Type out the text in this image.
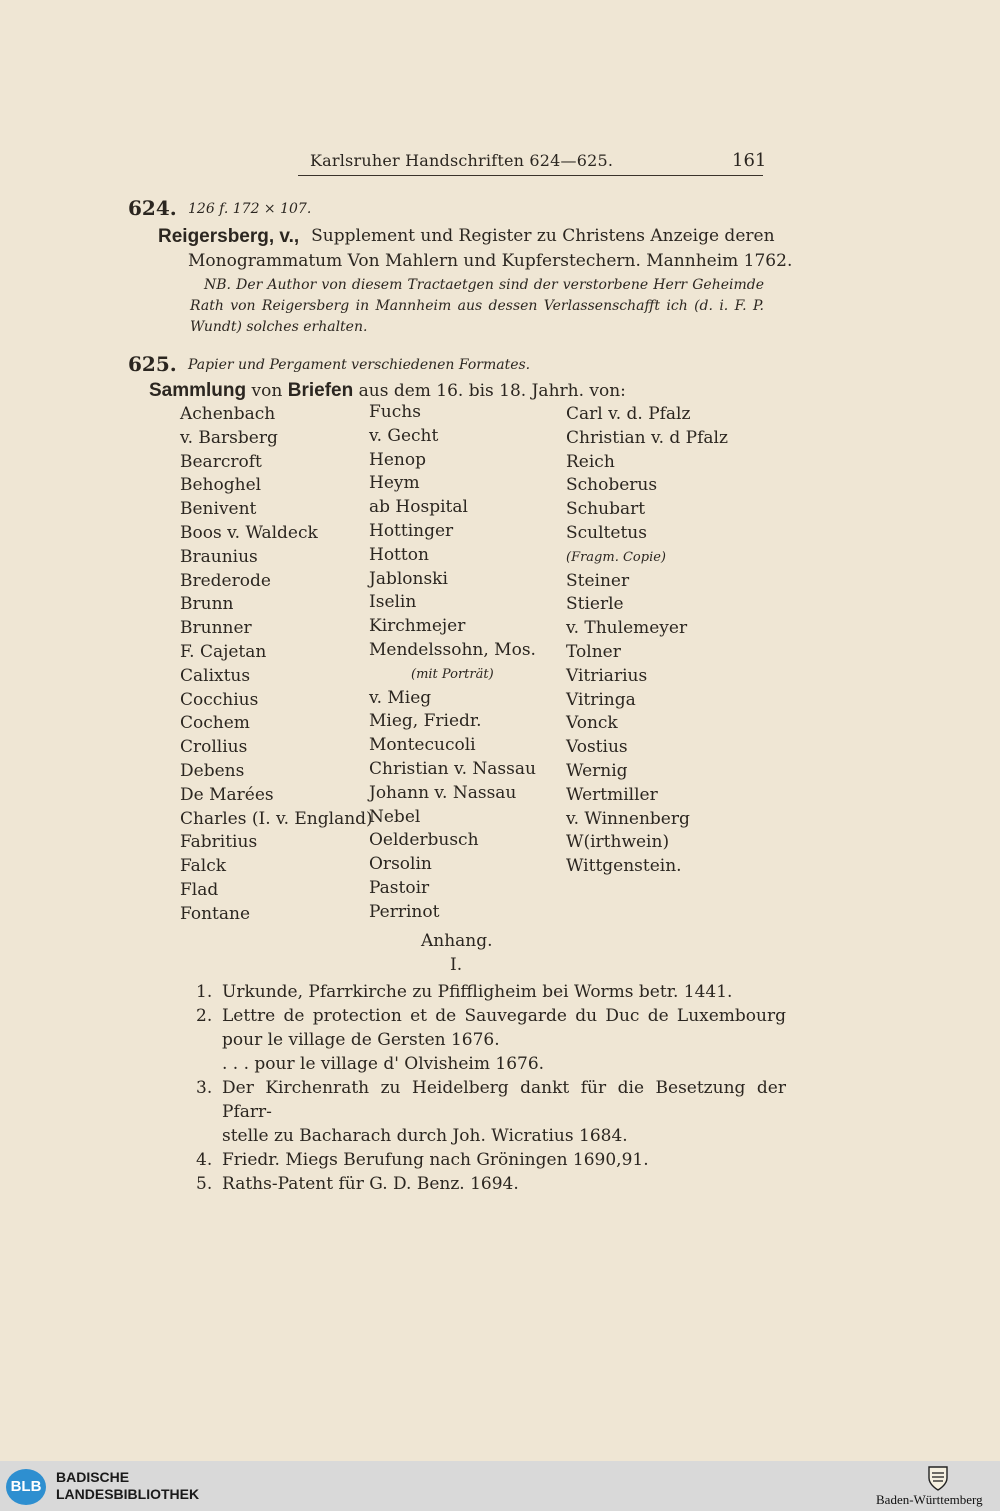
Karlsruher Handschriften 624—625.	161
624. 126 f. 172 × 107.
Reigersberg, v., Supplement und Register zu Christens Anzeige deren
Monogrammatum Von Mahlern und Kupferstechern. Mannheim 1762.
NB. Der Author von diesem Tractaetgen sind der verstorbene Herr Geheimde
Rath von Reigersberg in Mannheim aus dessen Verlassenschafft ich (d. i. F. P.
Wundt) solches erhalten.
625. Papier und Pergament verschiedenen Formates.
Sammlung von Briefen aus dem 16. bis 18. Jahrh. von:
Achenbach
v. Barsberg
Bearcroft
Behoghel
Benivent
Boos v. Waldeck
Braunius
Brederode
Brunn
Brunner
F. Cajetan
Calixtus
Cocchius
Cochem
Crollius
Debens
De Marées
Charles (I. v. England)
Fabritius
Falck
Flad
Fontane
Fuchs
v. Gecht
Henop
Heym
ab Hospital
Hottinger
Hotton
Jablonski
Iselin
Kirchmejer
Mendelssohn, Mos.
(mit Porträt)
v. Mieg
Mieg, Friedr.
Montecucoli
Christian v. Nassau
Johann v. Nassau
Nebel
Oelderbusch
Orsolin
Pastoir
Perrinot
Carl v. d. Pfalz
Christian v. d Pfalz
Reich
Schoberus
Schubart
Scultetus
(Fragm. Copie)
Steiner
Stierle
v. Thulemeyer
Tolner
Vitriarius
Vitringa
Vonck
Vostius
Wernig
Wertmiller
v. Winnenberg
W(irthwein)
Wittgenstein.
Anhang.
I.
1. Urkunde, Pfarrkirche zu Pfiffligheim bei Worms betr. 1441.
2. Lettre de protection et de Sauvegarde du Duc de Luxembourg
pour le village de Gersten 1676.
. . . pour le village d' Olvisheim 1676.
3. Der Kirchenrath zu Heidelberg dankt für die Besetzung der Pfarr-
stelle zu Bacharach durch Joh. Wicratius 1684.
4. Friedr. Miegs Berufung nach Gröningen 1690,91.
5. Raths-Patent für G. D. Benz. 1694.
BLB
BADISCHE
LANDESBIBLIOTHEK	Baden-Württemberg
